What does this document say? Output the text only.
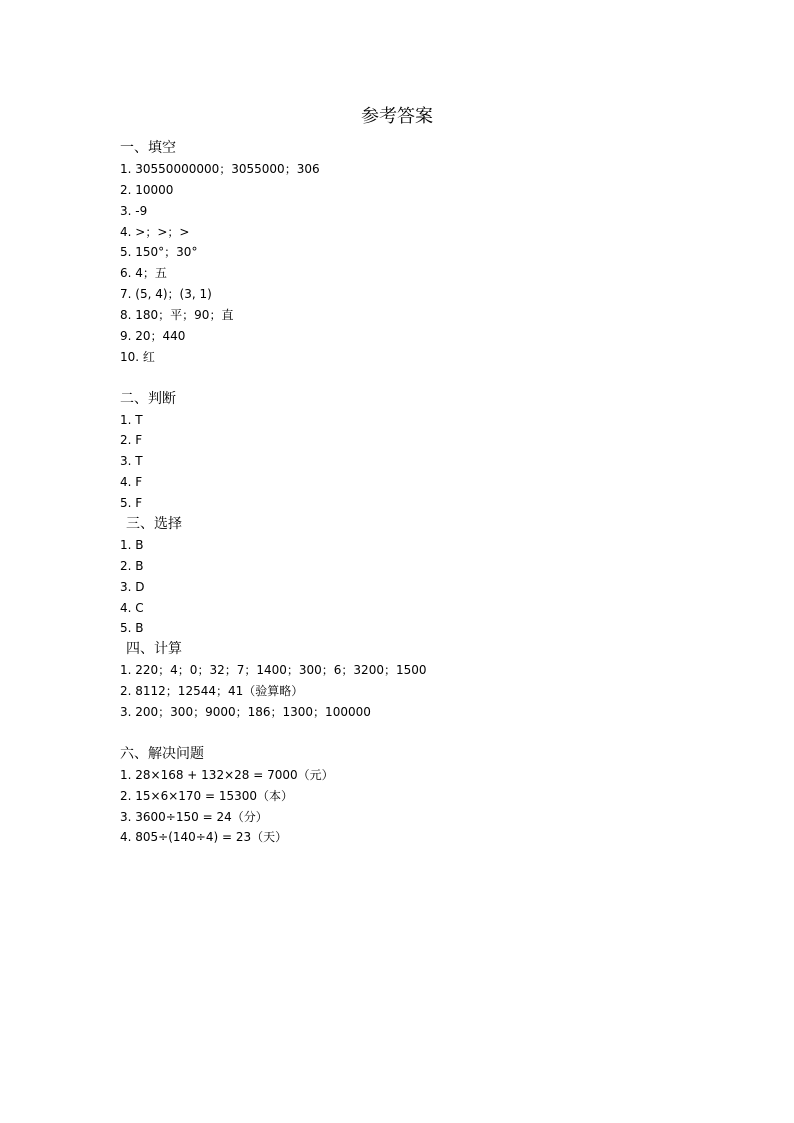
参考答案
一、填空
1. 30550000000；3055000；306
2. 10000
3. -9
4. >；>；>
5. 150°；30°
6. 4；五
7. (5, 4)；(3, 1)
8. 180；平；90；直
9. 20；440
10. 红
二、判断
1. T
2. F
3. T
4. F
5. F
三、选择
1. B
2. B
3. D
4. C
5. B
四、计算
1. 220；4；0；32；7；1400；300；6；3200；1500
2. 8112；12544；41（验算略）
3. 200；300；9000；186；1300；100000
六、解决问题
1. 28×168 + 132×28 = 7000（元）
2. 15×6×170 = 15300（本）
3. 3600÷150 = 24（分）
4. 805÷(140÷4) = 23（天）
